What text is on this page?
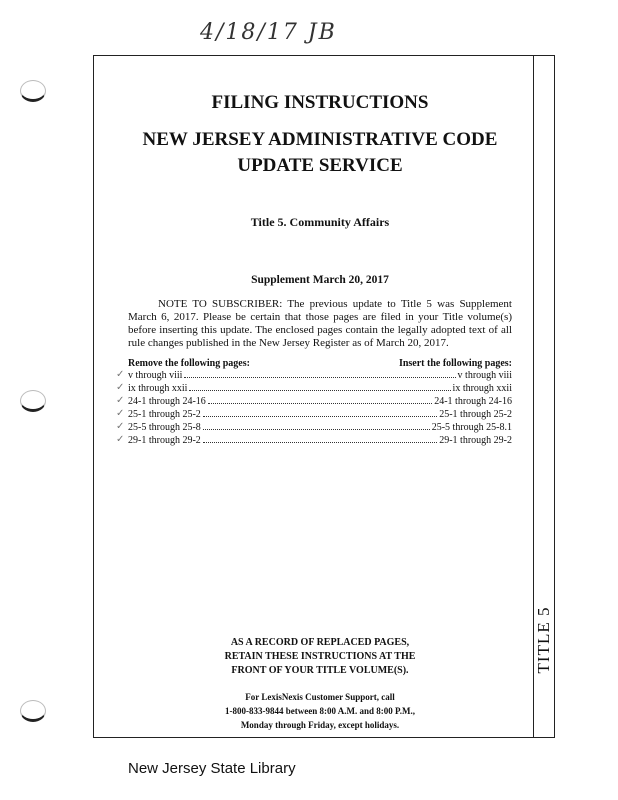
4/18/17 JB
TITLE 5

FILING INSTRUCTIONS

NEW JERSEY ADMINISTRATIVE CODE

UPDATE SERVICE

Title 5. Community Affairs
Supplement March 20, 2017
NOTE TO SUBSCRIBER: The previous update to Title 5 was Supplement March 6, 2017. Please be certain that those pages are filed in your Title volume(s) before inserting this update. The enclosed pages contain the legally adopted text of all rule changes published in the New Jersey Register as of March 20, 2017.
Remove the following pages:	Insert the following pages:
✓ v through viii	v through viii
✓ ix through xxii	ix through xxii
✓ 24-1 through 24-16	24-1 through 24-16
✓ 25-1 through 25-2	25-1 through 25-2
✓ 25-5 through 25-8	25-5 through 25-8.1
✓ 29-1 through 29-2	29-1 through 29-2
AS A RECORD OF REPLACED PAGES,
RETAIN THESE INSTRUCTIONS AT THE
FRONT OF YOUR TITLE VOLUME(S).
For LexisNexis Customer Support, call
1-800-833-9844 between 8:00 A.M. and 8:00 P.M.,
Monday through Friday, except holidays.
New Jersey State Library
